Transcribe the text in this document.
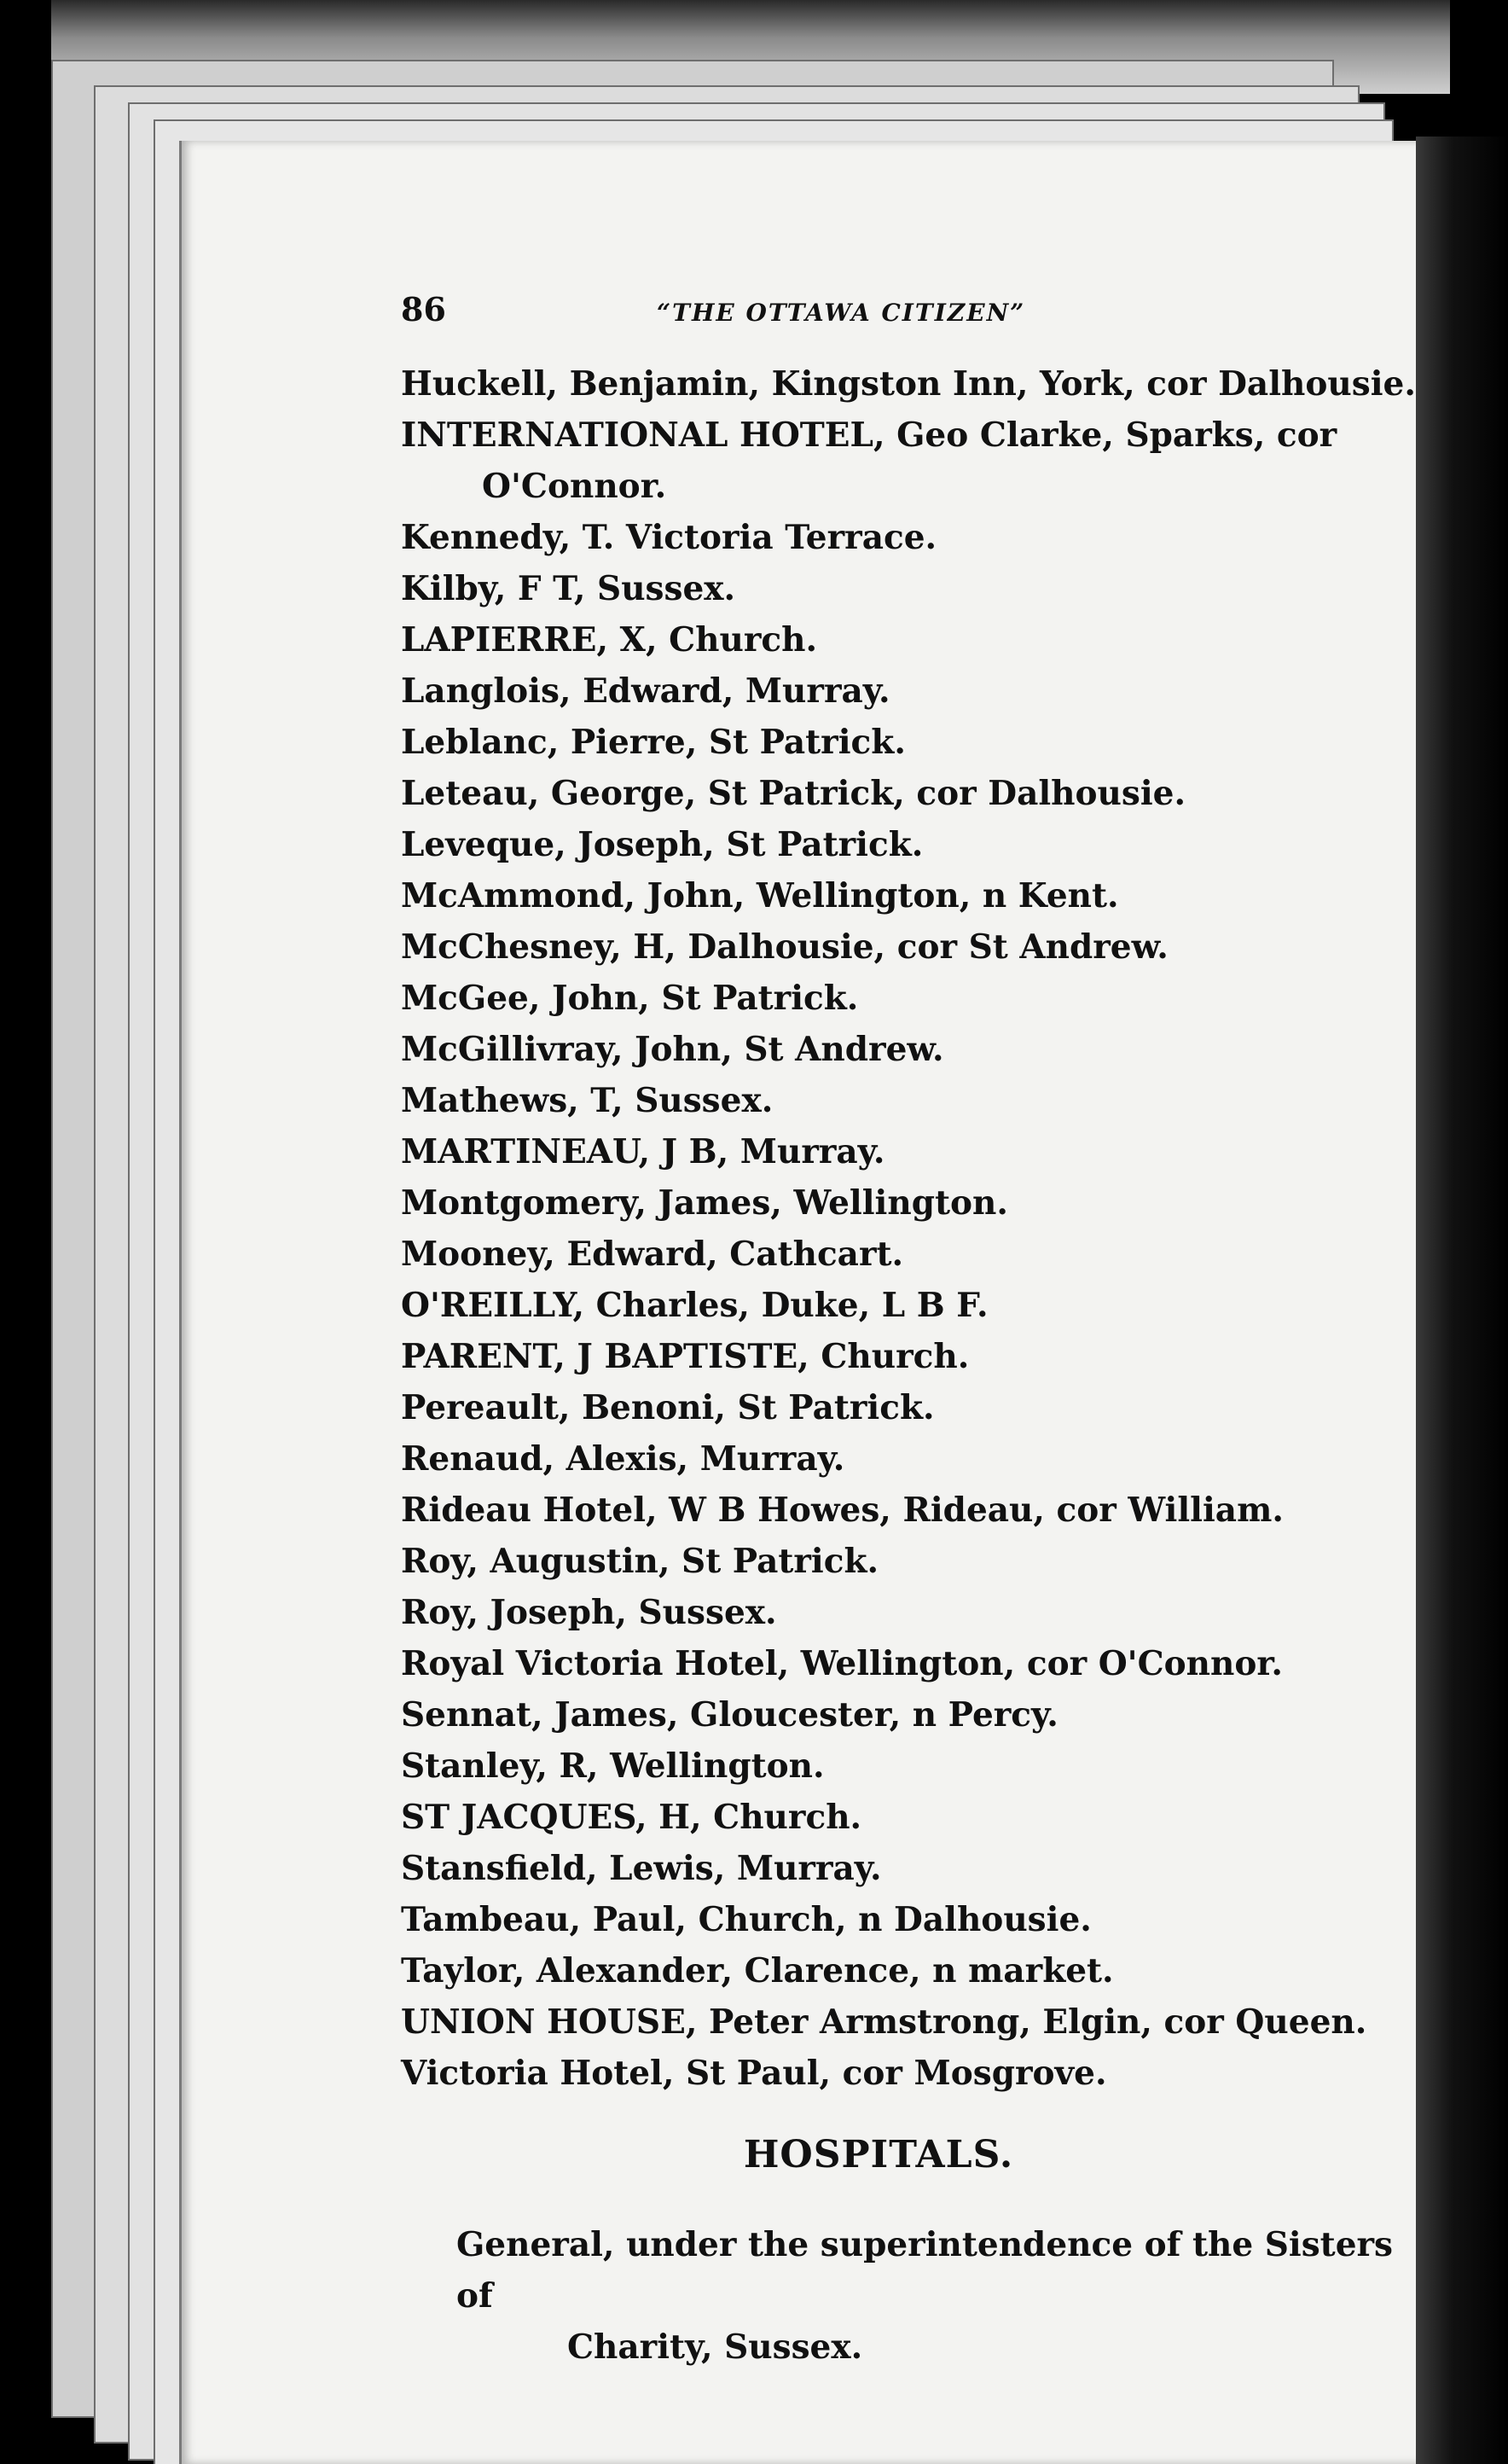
86	“THE OTTAWA CITIZEN”
Huckell, Benjamin, Kingston Inn, York, cor Dalhousie.
INTERNATIONAL HOTEL, Geo Clarke, Sparks, cor
O'Connor.
Kennedy, T. Victoria Terrace.
Kilby, F T, Sussex.
LAPIERRE, X, Church.
Langlois, Edward, Murray.
Leblanc, Pierre, St Patrick.
Leteau, George, St Patrick, cor Dalhousie.
Leveque, Joseph, St Patrick.
McAmmond, John, Wellington, n Kent.
McChesney, H, Dalhousie, cor St Andrew.
McGee, John, St Patrick.
McGillivray, John, St Andrew.
Mathews, T, Sussex.
MARTINEAU, J B, Murray.
Montgomery, James, Wellington.
Mooney, Edward, Cathcart.
O'REILLY, Charles, Duke, L B F.
PARENT, J BAPTISTE, Church.
Pereault, Benoni, St Patrick.
Renaud, Alexis, Murray.
Rideau Hotel, W B Howes, Rideau, cor William.
Roy, Augustin, St Patrick.
Roy, Joseph, Sussex.
Royal Victoria Hotel, Wellington, cor O'Connor.
Sennat, James, Gloucester, n Percy.
Stanley, R, Wellington.
ST JACQUES, H, Church.
Stansfield, Lewis, Murray.
Tambeau, Paul, Church, n Dalhousie.
Taylor, Alexander, Clarence, n market.
UNION HOUSE, Peter Armstrong, Elgin, cor Queen.
Victoria Hotel, St Paul, cor Mosgrove.
HOSPITALS.
General, under the superintendence of the Sisters of
Charity, Sussex.
